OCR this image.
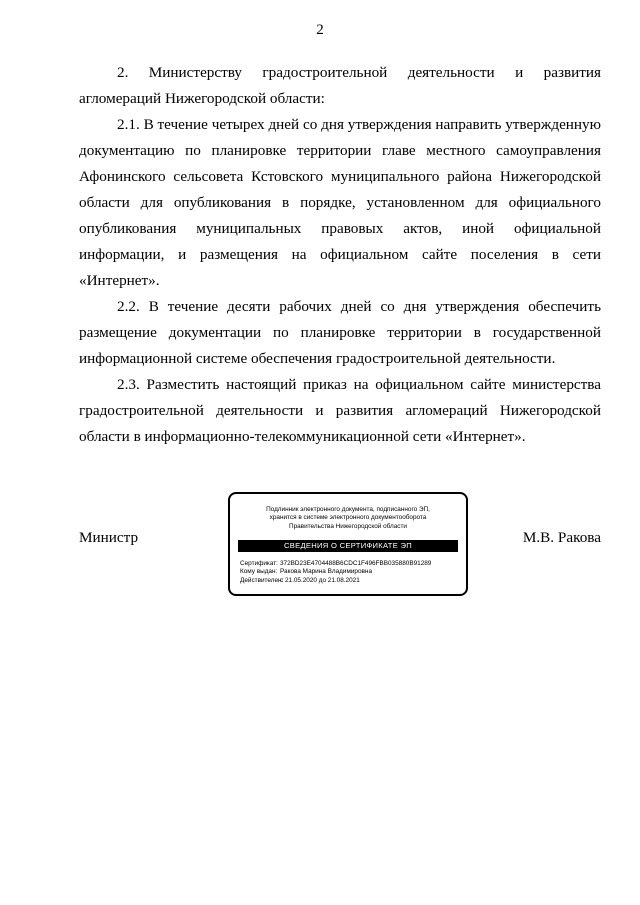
2

2. Министерству градостроительной деятельности и развития агломераций Нижегородской области:

2.1. В течение четырех дней со дня утверждения направить утвержденную документацию по планировке территории главе местного самоуправления Афонинского сельсовета Кстовского муниципального района Нижегородской области для опубликования в порядке, установленном для официального опубликования муниципальных правовых актов, иной официальной информации, и размещения на официальном сайте поселения в сети «Интернет».

2.2. В течение десяти рабочих дней со дня утверждения обеспечить размещение документации по планировке территории в государственной информационной системе обеспечения градостроительной деятельности.

2.3. Разместить настоящий приказ на официальном сайте министерства градостроительной деятельности и развития агломераций Нижегородской области в информационно-телекоммуникационной сети «Интернет».

Министр
Подлинник электронного документа, подписанного ЭП,
хранится в системе электронного документооборота
Правительства Нижегородской области
СВЕДЕНИЯ О СЕРТИФИКАТЕ ЭП
Сертификат: 372BD23E4704488B6CDC1F496FBB035880B91289
Кому выдан: Ракова Марина Владимировна
Действителен:с 21.05.2020 до 21.08.2021
М.В. Ракова
